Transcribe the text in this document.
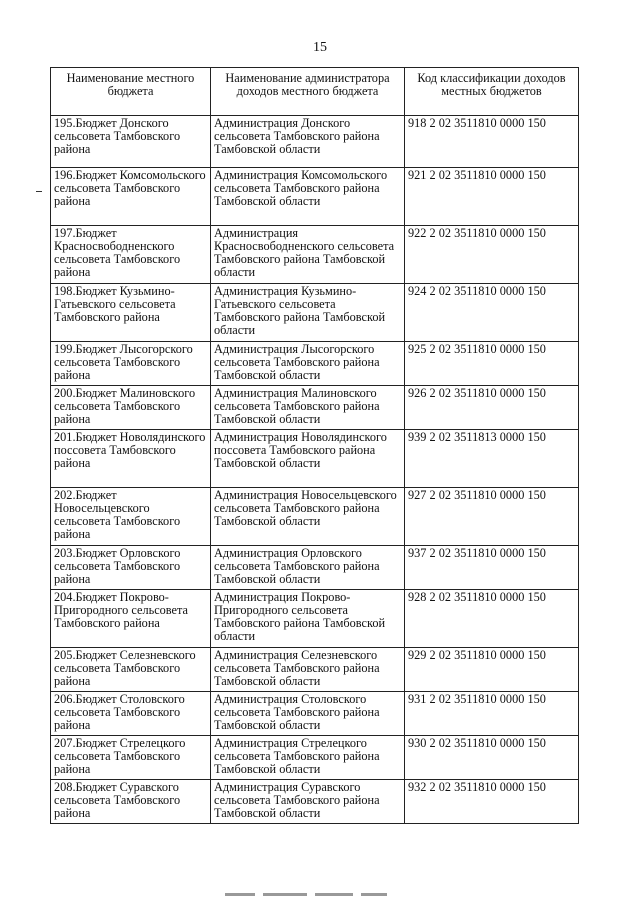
15
Наименование местного бюджета	Наименование администратора доходов местного бюджета	Код классификации доходов местных бюджетов
195.Бюджет Донского сельсовета Тамбовского района	Администрация Донского сельсовета Тамбовского района Тамбовской области	918 2 02 3511810 0000 150
196.Бюджет Комсомольского сельсовета Тамбовского района	Администрация Комсомольского сельсовета Тамбовского района Тамбовской области	921 2 02 3511810 0000 150
197.Бюджет Красносвободненского сельсовета Тамбовского района	Администрация Красносвободненского сельсовета Тамбовского района Тамбовской области	922 2 02 3511810 0000 150
198.Бюджет Кузьмино-Гатьевского сельсовета Тамбовского района	Администрация Кузьмино-Гатьевского сельсовета Тамбовского района Тамбовской области	924 2 02 3511810 0000 150
199.Бюджет Лысогорского сельсовета Тамбовского района	Администрация Лысогорского сельсовета Тамбовского района Тамбовской области	925 2 02 3511810 0000 150
200.Бюджет Малиновского сельсовета Тамбовского района	Администрация Малиновского сельсовета Тамбовского района Тамбовской области	926 2 02 3511810 0000 150
201.Бюджет Новолядинского поссовета Тамбовского района	Администрация Новолядинского поссовета Тамбовского района Тамбовской области	939 2 02 3511813 0000 150
202.Бюджет Новосельцевского сельсовета Тамбовского района	Администрация Новосельцевского сельсовета Тамбовского района Тамбовской области	927 2 02 3511810 0000 150
203.Бюджет Орловского сельсовета Тамбовского района	Администрация Орловского сельсовета Тамбовского района Тамбовской области	937 2 02 3511810 0000 150
204.Бюджет Покрово-Пригородного сельсовета Тамбовского района	Администрация Покрово-Пригородного сельсовета Тамбовского района Тамбовской области	928 2 02 3511810 0000 150
205.Бюджет Селезневского сельсовета Тамбовского района	Администрация Селезневского сельсовета Тамбовского района Тамбовской области	929 2 02 3511810 0000 150
206.Бюджет Столовского сельсовета Тамбовского района	Администрация Столовского сельсовета Тамбовского района Тамбовской области	931 2 02 3511810 0000 150
207.Бюджет Стрелецкого сельсовета Тамбовского района	Администрация Стрелецкого сельсовета Тамбовского района Тамбовской области	930 2 02 3511810 0000 150
208.Бюджет Суравского сельсовета Тамбовского района	Администрация Суравского сельсовета Тамбовского района Тамбовской области	932 2 02 3511810 0000 150
